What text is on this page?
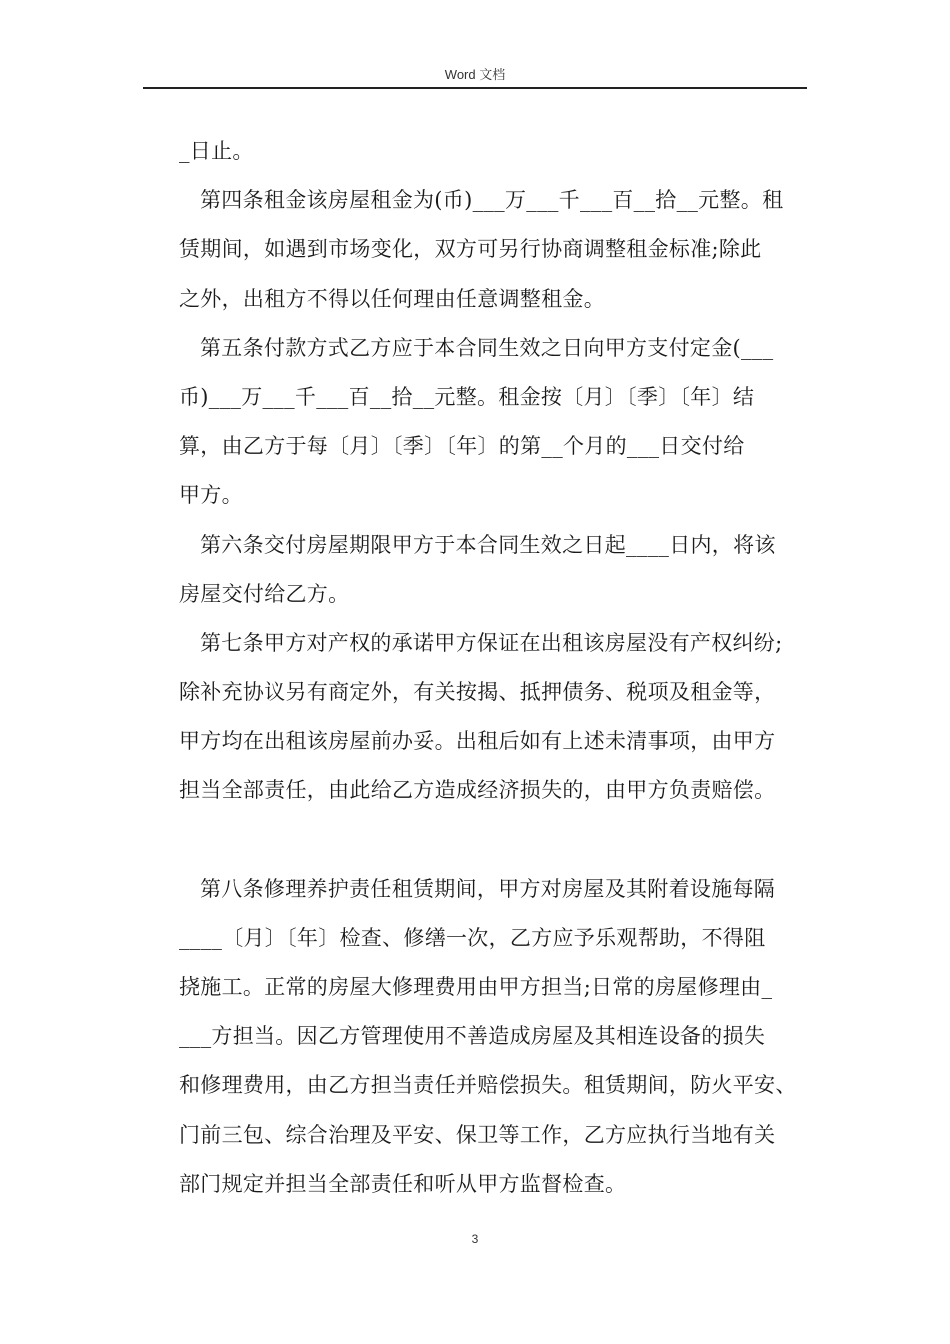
Word 文档
_日止。
第四条租金该房屋租金为(币)___万___千___百__拾__元整。租
赁期间，如遇到市场变化，双方可另行协商调整租金标准;除此
之外，出租方不得以任何理由任意调整租金。
第五条付款方式乙方应于本合同生效之日向甲方支付定金(___
币)___万___千___百__拾__元整。租金按〔月〕〔季〕〔年〕结
算，由乙方于每〔月〕〔季〕〔年〕的第__个月的___日交付给
甲方。
第六条交付房屋期限甲方于本合同生效之日起____日内，将该
房屋交付给乙方。
第七条甲方对产权的承诺甲方保证在出租该房屋没有产权纠纷;
除补充协议另有商定外，有关按揭、抵押债务、税项及租金等，
甲方均在出租该房屋前办妥。出租后如有上述未清事项，由甲方
担当全部责任，由此给乙方造成经济损失的，由甲方负责赔偿。
第八条修理养护责任租赁期间，甲方对房屋及其附着设施每隔
____〔月〕〔年〕检查、修缮一次，乙方应予乐观帮助，不得阻
挠施工。正常的房屋大修理费用由甲方担当;日常的房屋修理由_
___方担当。因乙方管理使用不善造成房屋及其相连设备的损失
和修理费用，由乙方担当责任并赔偿损失。租赁期间，防火平安、
门前三包、综合治理及平安、保卫等工作，乙方应执行当地有关
部门规定并担当全部责任和听从甲方监督检查。
3
